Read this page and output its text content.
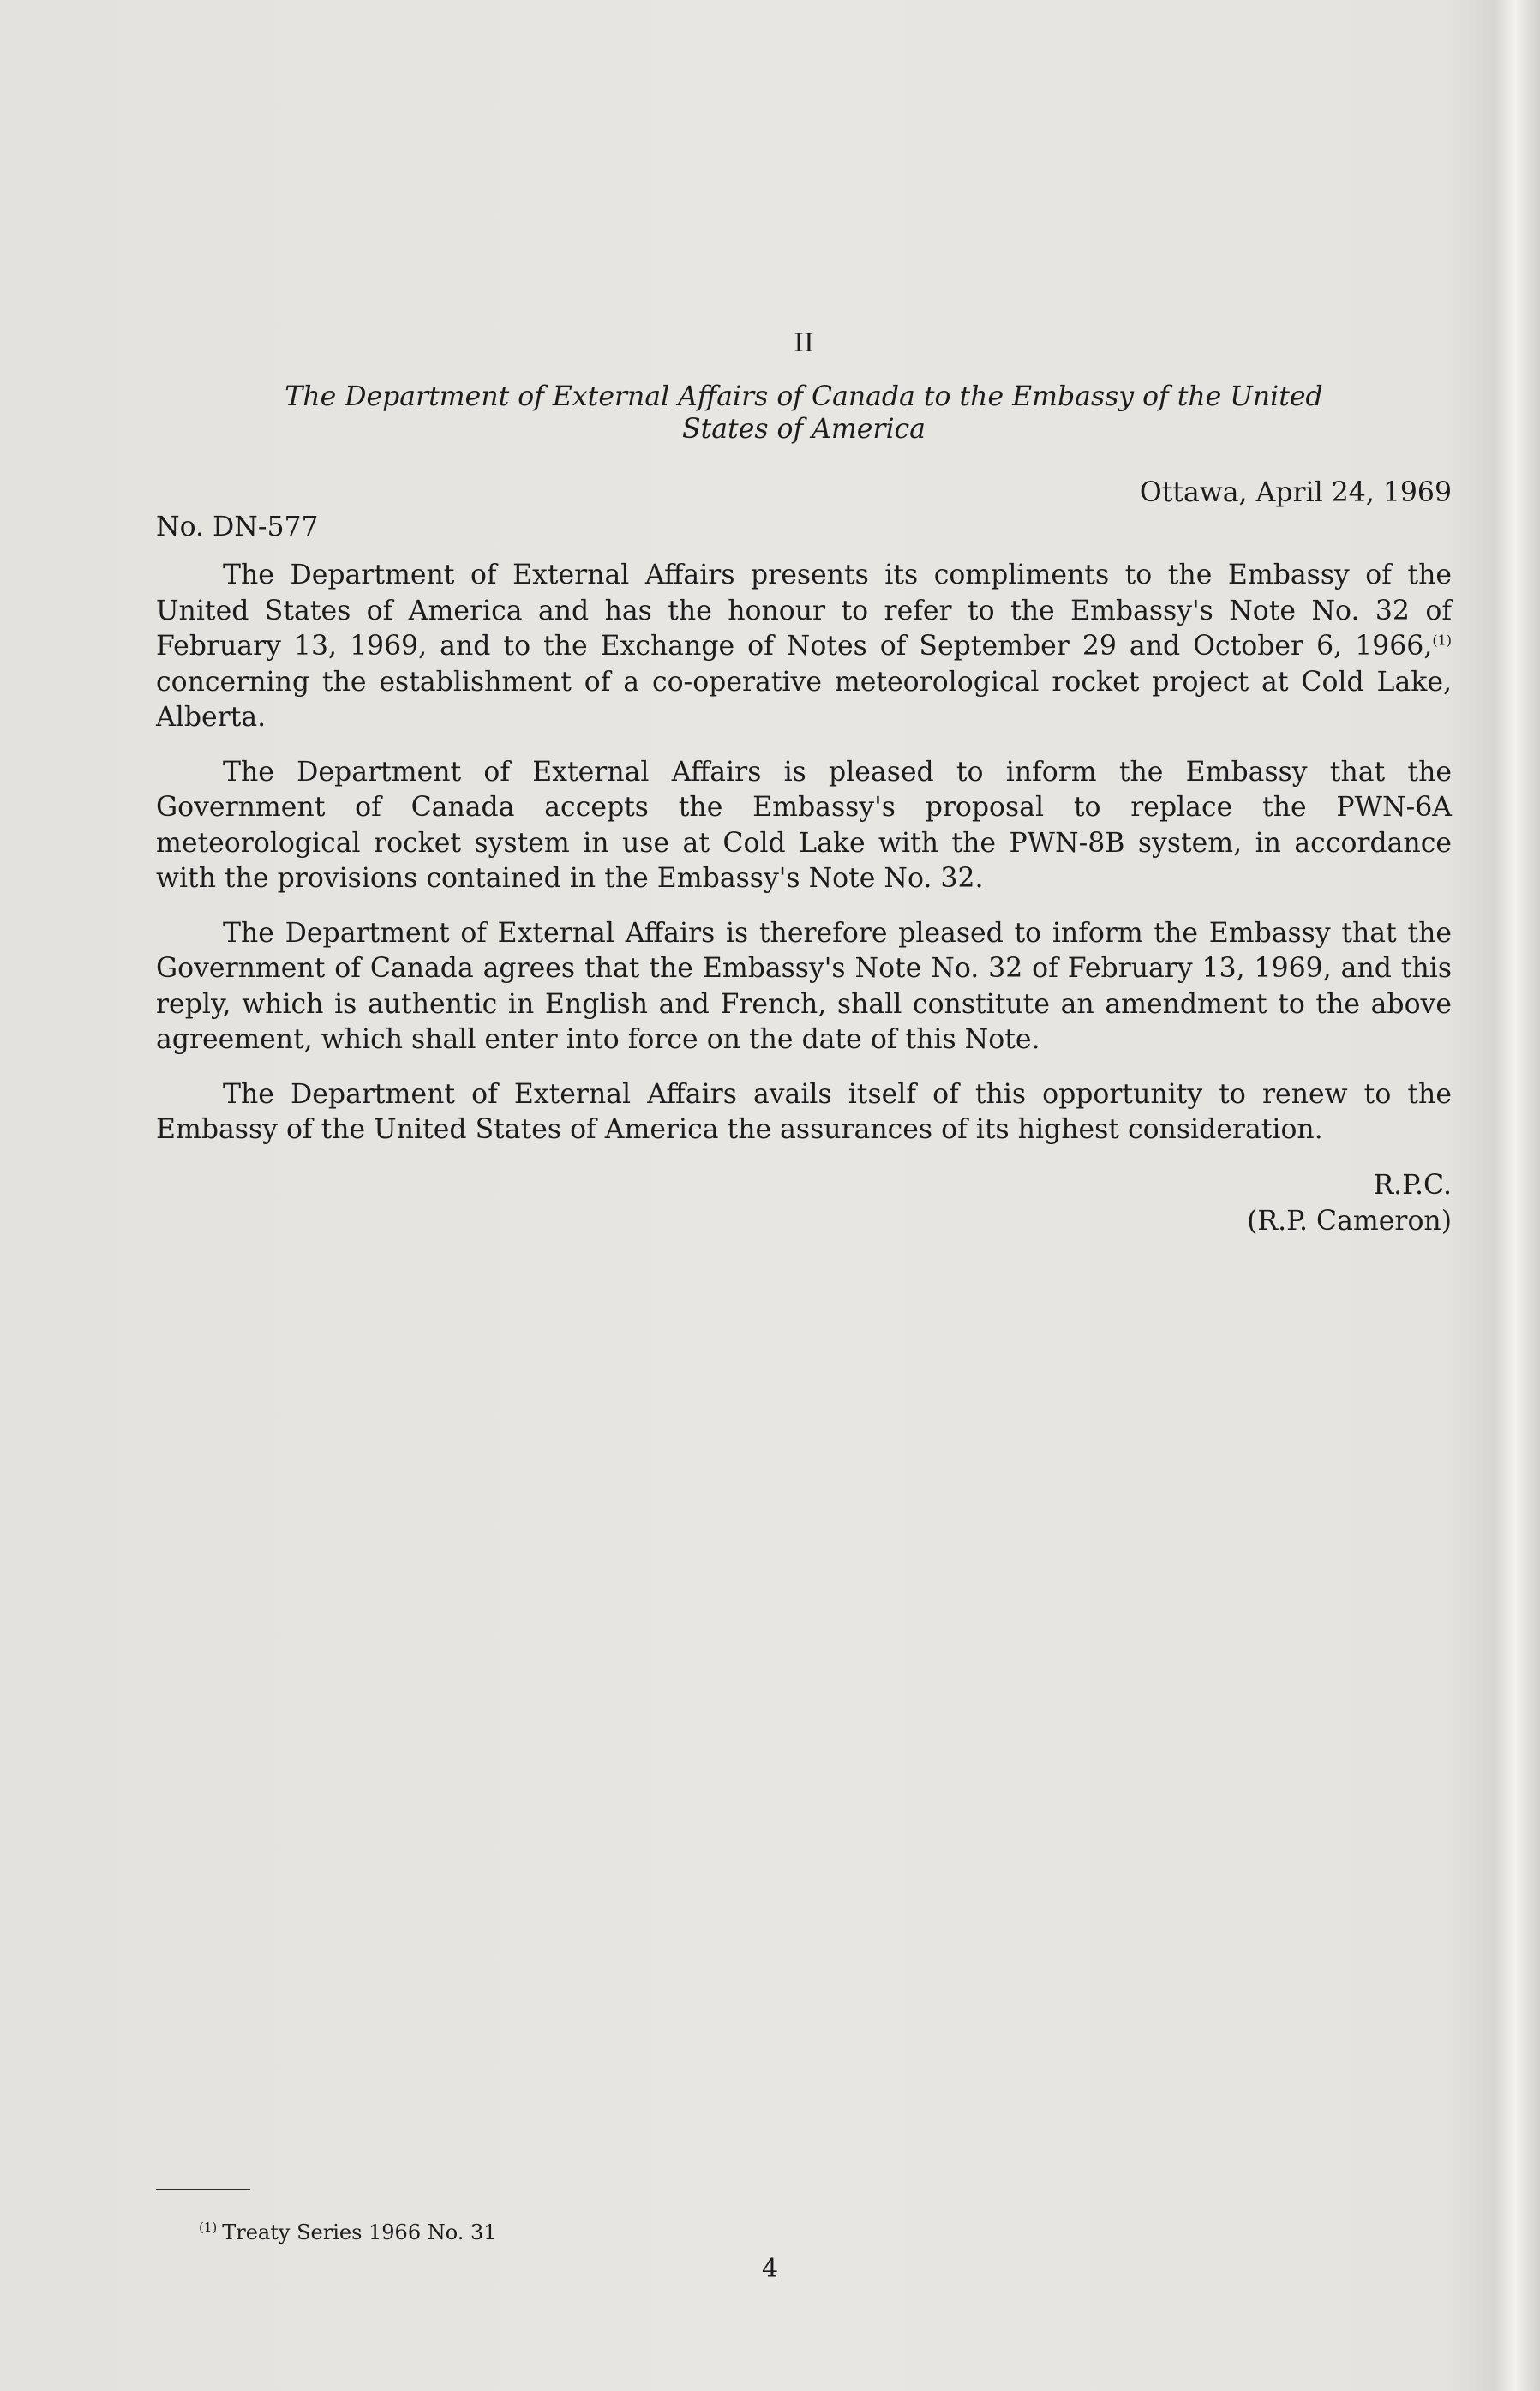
II
The Department of External Affairs of Canada to the Embassy of the United
States of America

Ottawa, April 24, 1969

No. DN-577

The Department of External Affairs presents its compliments to the Embassy of the United States of America and has the honour to refer to the Embassy's Note No. 32 of February 13, 1969, and to the Exchange of Notes of September 29 and October 6, 1966,$^{(1)}$ concerning the establishment of a co-operative meteorological rocket project at Cold Lake, Alberta.

The Department of External Affairs is pleased to inform the Embassy that the Government of Canada accepts the Embassy's proposal to replace the PWN-6A meteorological rocket system in use at Cold Lake with the PWN-8B system, in accordance with the provisions contained in the Embassy's Note No. 32.

The Department of External Affairs is therefore pleased to inform the Embassy that the Government of Canada agrees that the Embassy's Note No. 32 of February 13, 1969, and this reply, which is authentic in English and French, shall constitute an amendment to the above agreement, which shall enter into force on the date of this Note.

The Department of External Affairs avails itself of this opportunity to renew to the Embassy of the United States of America the assurances of its highest consideration.

R.P.C.

(R.P. Cameron)

$^{(1)}$ Treaty Series 1966 No. 31
4
